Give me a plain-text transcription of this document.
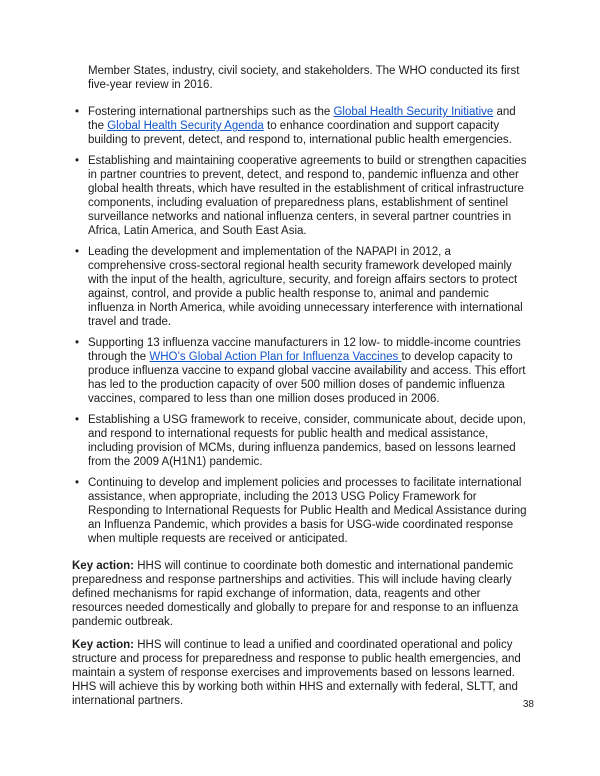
Member States, industry, civil society, and stakeholders. The WHO conducted its first five-year review in 2016.

• Fostering international partnerships such as the Global Health Security Initiative and the Global Health Security Agenda to enhance coordination and support capacity building to prevent, detect, and respond to, international public health emergencies.
• Establishing and maintaining cooperative agreements to build or strengthen capacities in partner countries to prevent, detect, and respond to, pandemic influenza and other global health threats, which have resulted in the establishment of critical infrastructure components, including evaluation of preparedness plans, establishment of sentinel surveillance networks and national influenza centers, in several partner countries in Africa, Latin America, and South East Asia.
• Leading the development and implementation of the NAPAPI in 2012, a comprehensive cross-sectoral regional health security framework developed mainly with the input of the health, agriculture, security, and foreign affairs sectors to protect against, control, and provide a public health response to, animal and pandemic influenza in North America, while avoiding unnecessary interference with international travel and trade.
• Supporting 13 influenza vaccine manufacturers in 12 low- to middle-income countries through the WHO’s Global Action Plan for Influenza Vaccines to develop capacity to produce influenza vaccine to expand global vaccine availability and access. This effort has led to the production capacity of over 500 million doses of pandemic influenza vaccines, compared to less than one million doses produced in 2006.
• Establishing a USG framework to receive, consider, communicate about, decide upon, and respond to international requests for public health and medical assistance, including provision of MCMs, during influenza pandemics, based on lessons learned from the 2009 A(H1N1) pandemic.
• Continuing to develop and implement policies and processes to facilitate international assistance, when appropriate, including the 2013 USG Policy Framework for Responding to International Requests for Public Health and Medical Assistance during an Influenza Pandemic, which provides a basis for USG-wide coordinated response when multiple requests are received or anticipated.

Key action: HHS will continue to coordinate both domestic and international pandemic preparedness and response partnerships and activities. This will include having clearly defined mechanisms for rapid exchange of information, data, reagents and other resources needed domestically and globally to prepare for and response to an influenza pandemic outbreak.

Key action: HHS will continue to lead a unified and coordinated operational and policy structure and process for preparedness and response to public health emergencies, and maintain a system of response exercises and improvements based on lessons learned. HHS will achieve this by working both within HHS and externally with federal, SLTT, and international partners.	38
